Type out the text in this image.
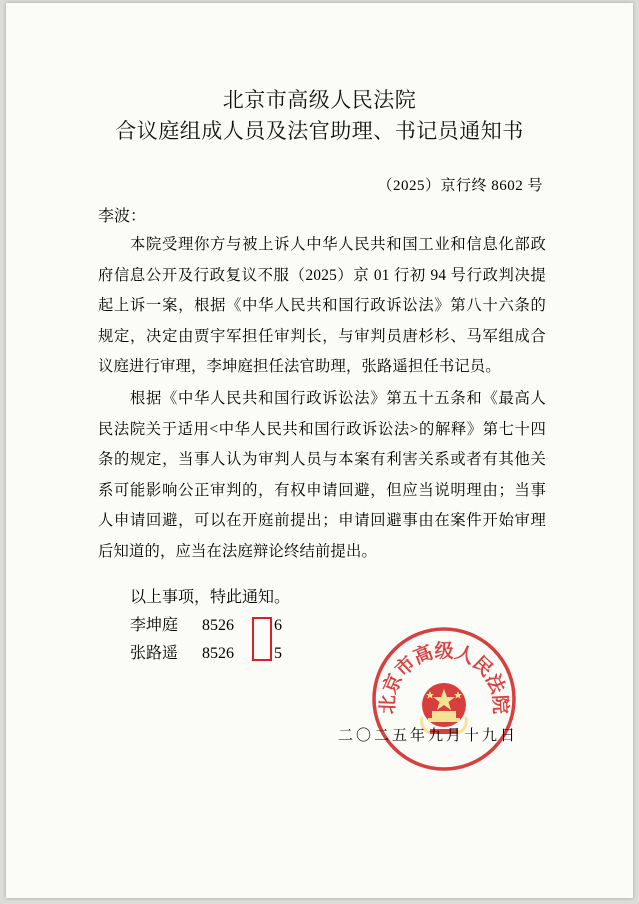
北京市高级人民法院
合议庭组成人员及法官助理、书记员通知书
（2025）京行终 8602 号
李波：
本院受理你方与被上诉人中华人民共和国工业和信息化部政府信息公开及行政复议不服（2025）京 01 行初 94 号行政判决提起上诉一案，根据《中华人民共和国行政诉讼法》第八十六条的规定，决定由贾宇军担任审判长，与审判员唐杉杉、马军组成合议庭进行审理，李坤庭担任法官助理，张路遥担任书记员。
根据《中华人民共和国行政诉讼法》第五十五条和《最高人民法院关于适用<中华人民共和国行政诉讼法>的解释》第七十四条的规定，当事人认为审判人员与本案有利害关系或者有其他关系可能影响公正审判的，有权申请回避，但应当说明理由；当事人申请回避，可以在开庭前提出；申请回避事由在案件开始审理后知道的，应当在法庭辩论终结前提出。
以上事项，特此通知。
李坤庭 8526	6
张路遥 8526	5
北京市高级人民法院
二〇二五年九月十九日
